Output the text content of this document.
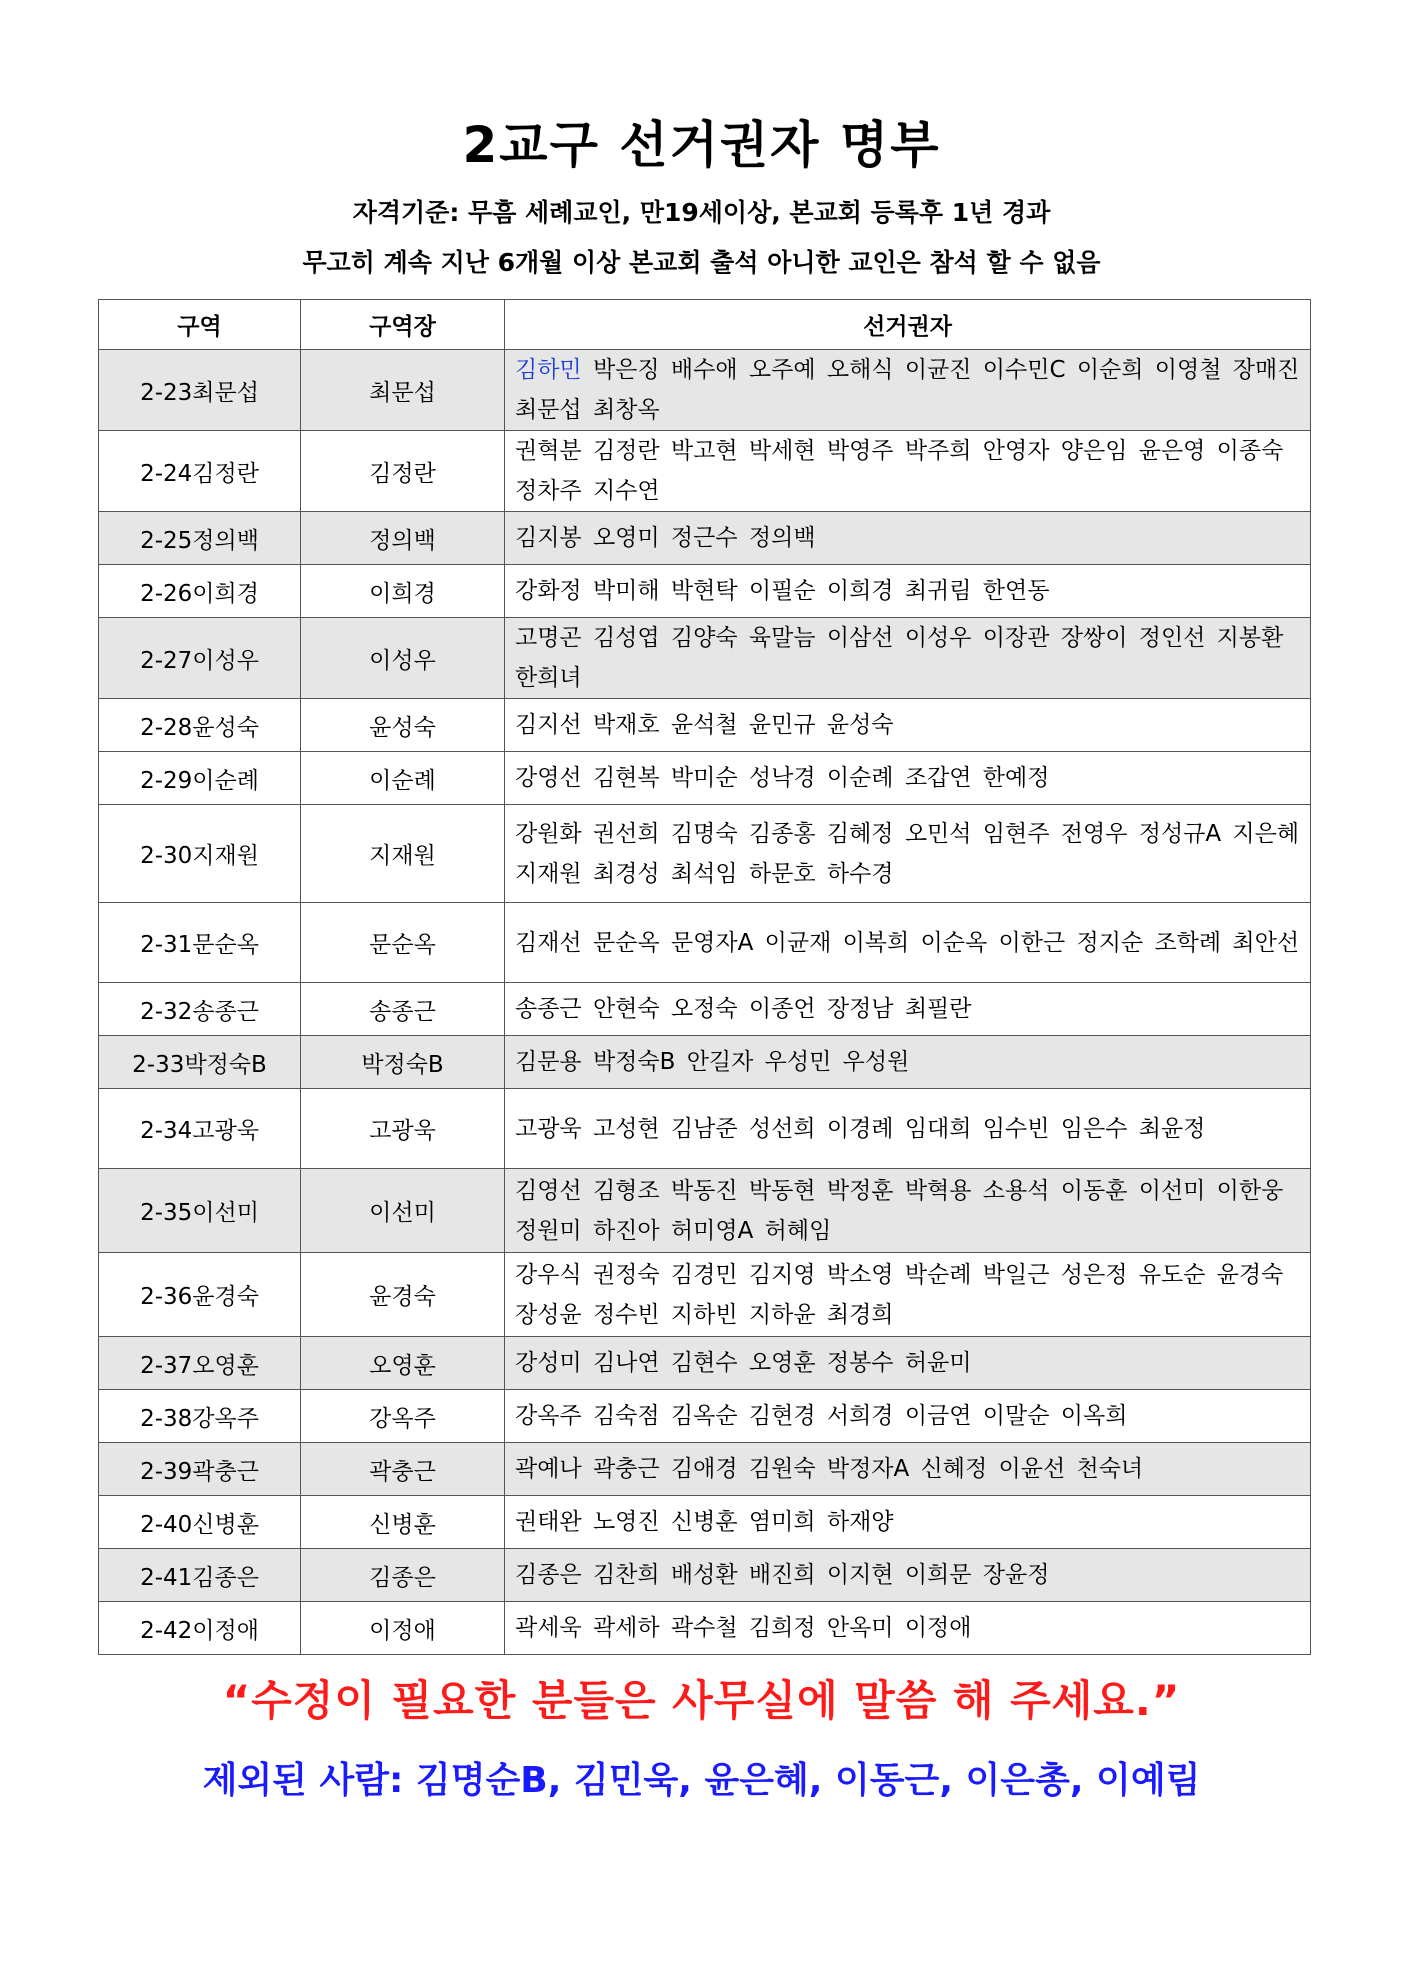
2교구 선거권자 명부

자격기준: 무흠 세례교인, 만19세이상, 본교회 등록후 1년 경과

무고히 계속 지난 6개월 이상 본교회 출석 아니한 교인은 참석 할 수 없음

구역	구역장	선거권자
2-23최문섭	최문섭	김하민 박은징 배수애 오주예 오해식 이균진 이수민C 이순희 이영철 장매진 최문섭 최창옥
2-24김정란	김정란	권혁분 김정란 박고현 박세현 박영주 박주희 안영자 양은임 윤은영 이종숙 정차주 지수연
2-25정의백	정의백	김지봉 오영미 정근수 정의백
2-26이희경	이희경	강화정 박미해 박현탁 이필순 이희경 최귀림 한연동
2-27이성우	이성우	고명곤 김성엽 김양숙 육말늠 이삼선 이성우 이장관 장쌍이 정인선 지봉환 한희녀
2-28윤성숙	윤성숙	김지선 박재호 윤석철 윤민규 윤성숙
2-29이순례	이순례	강영선 김현복 박미순 성낙경 이순례 조갑연 한예정
2-30지재원	지재원	강원화 권선희 김명숙 김종홍 김혜정 오민석 임현주 전영우 정성규A 지은혜 지재원 최경성 최석임 하문호 하수경
2-31문순옥	문순옥	김재선 문순옥 문영자A 이균재 이복희 이순옥 이한근 정지순 조학례 최안선
2-32송종근	송종근	송종근 안현숙 오정숙 이종언 장정남 최필란
2-33박정숙B	박정숙B	김문용 박정숙B 안길자 우성민 우성원
2-34고광욱	고광욱	고광욱 고성현 김남준 성선희 이경례 임대희 임수빈 임은수 최윤정
2-35이선미	이선미	김영선 김형조 박동진 박동현 박정훈 박혁용 소용석 이동훈 이선미 이한웅 정원미 하진아 허미영A 허혜임
2-36윤경숙	윤경숙	강우식 권정숙 김경민 김지영 박소영 박순례 박일근 성은정 유도순 윤경숙 장성윤 정수빈 지하빈 지하윤 최경희
2-37오영훈	오영훈	강성미 김나연 김현수 오영훈 정봉수 허윤미
2-38강옥주	강옥주	강옥주 김숙점 김옥순 김현경 서희경 이금연 이말순 이옥희
2-39곽충근	곽충근	곽예나 곽충근 김애경 김원숙 박정자A 신혜정 이윤선 천숙녀
2-40신병훈	신병훈	권태완 노영진 신병훈 염미희 하재양
2-41김종은	김종은	김종은 김찬희 배성환 배진희 이지현 이희문 장윤정
2-42이정애	이정애	곽세욱 곽세하 곽수철 김희정 안옥미 이정애

“수정이 필요한 분들은 사무실에 말씀 해 주세요.”

제외된 사람: 김명순B, 김민욱, 윤은혜, 이동근, 이은총, 이예림
